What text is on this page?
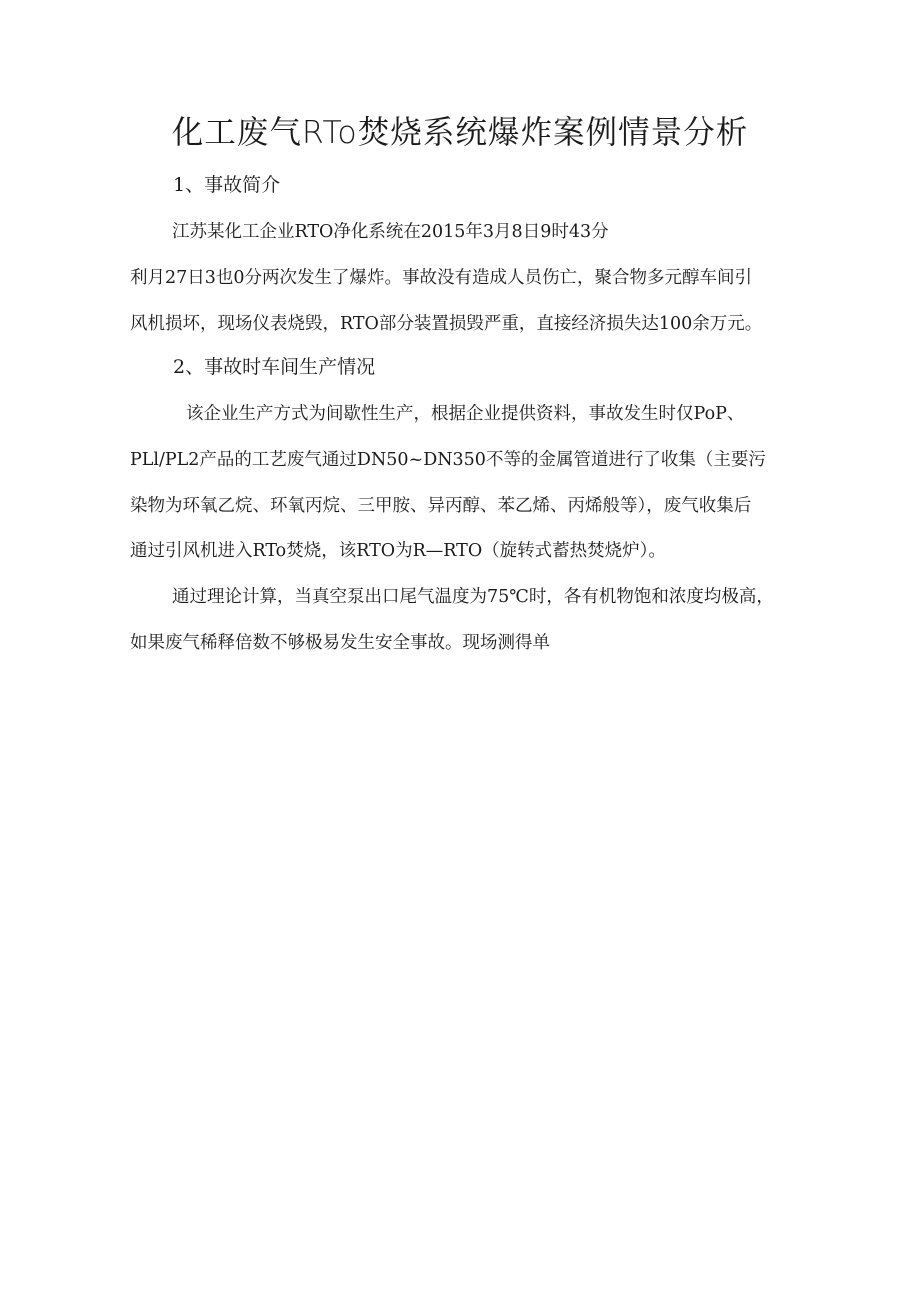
化工废气RTo焚烧系统爆炸案例情景分析
1、事故简介
江苏某化工企业RTO净化系统在2015年3月8日9时43分
利月27日3也0分两次发生了爆炸。事故没有造成人员伤亡，聚合物多元醇车间引
风机损坏，现场仪表烧毁，RTO部分装置损毁严重，直接经济损失达100余万元。
2、事故时车间生产情况
该企业生产方式为间歇性生产，根据企业提供资料，事故发生时仅PoP、
PLl/PL2产品的工艺废气通过DN50~DN350不等的金属管道进行了收集（主要污
染物为环氧乙烷、环氧丙烷、三甲胺、异丙醇、苯乙烯、丙烯般等），废气收集后
通过引风机进入RTo焚烧，该RTO为R—RTO（旋转式蓄热焚烧炉）。
通过理论计算，当真空泵出口尾气温度为75℃时，各有机物饱和浓度均极高，
如果废气稀释倍数不够极易发生安全事故。现场测得单
